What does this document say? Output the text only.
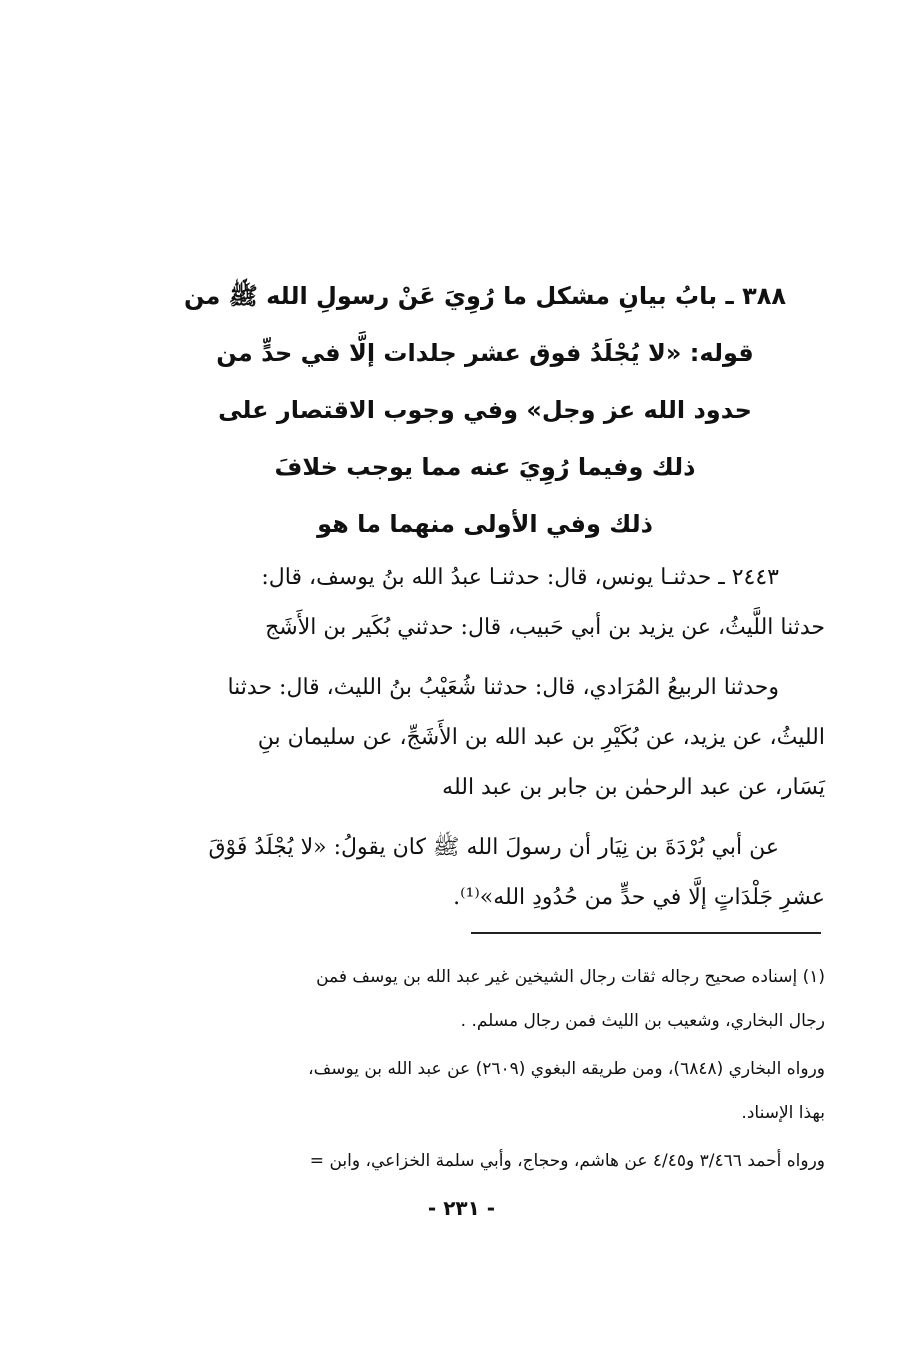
٣٨٨ ـ بابُ بيانِ مشكل ما رُوِيَ عَنْ رسولِ الله ﷺ من
قوله: «لا يُجْلَدُ فوق عشر جلدات إلَّا في حدٍّ من
حدود الله عز وجل» وفي وجوب الاقتصار على
ذلك وفيما رُوِيَ عنه مما يوجب خلافَ
ذلك وفي الأولى منهما ما هو
٢٤٤٣ ـ حدثنـا يونس، قال: حدثنـا عبدُ الله بنُ يوسف، قال:
حدثنا اللَّيثُ، عن يزيد بن أبي حَبيب، قال: حدثني بُكَير بن الأَشَج
وحدثنا الربيعُ المُرَادي، قال: حدثنا شُعَيْبُ بنُ الليث، قال: حدثنا
الليثُ، عن يزيد، عن بُكَيْرِ بن عبد الله بن الأَشَجِّ، عن سليمان بنِ
يَسَار، عن عبد الرحمٰن بن جابر بن عبد الله
عن أبي بُرْدَةَ بن نِيَار أن رسولَ الله ﷺ كان يقولُ: «لا يُجْلَدُ فَوْقَ
عشرِ جَلْدَاتٍ إلَّا في حدٍّ من حُدُودِ الله»⁽¹⁾.
(١) إسناده صحيح رجاله ثقات رجال الشيخين غير عبد الله بن يوسف فمن
رجال البخاري، وشعيب بن الليث فمن رجال مسلم. .
ورواه البخاري (٦٨٤٨)، ومن طريقه البغوي (٢٦٠٩) عن عبد الله بن يوسف،
بهذا الإسناد.
ورواه أحمد ٣/٤٦٦ و٤/٤٥ عن هاشم، وحجاج، وأبي سلمة الخزاعي، وابن =
- ٢٣١ -
